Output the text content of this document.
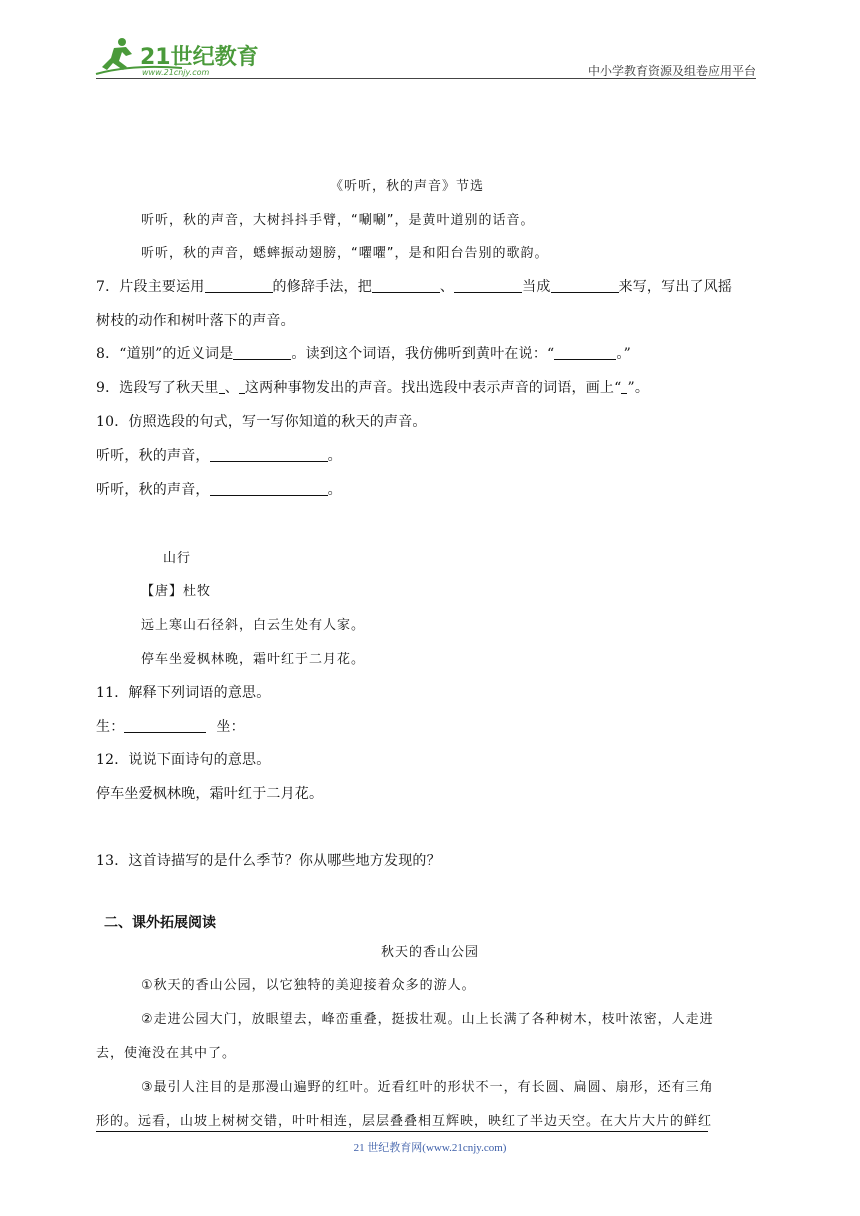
21世纪教育
www.21cnjy.com	中小学教育资源及组卷应用平台
《听听，秋的声音》节选
听听，秋的声音，大树抖抖手臂，“唰唰”，是黄叶道别的话音。
听听，秋的声音，蟋蟀振动翅膀，“㘗㘗”，是和阳台告别的歌韵。
7．片段主要运用	的修辞手法，把	、	当成	来写，写出了风摇
树枝的动作和树叶落下的声音。
8．“道别”的近义词是	。读到这个词语，我仿佛听到黄叶在说：“	。”
9．选段写了秋天里 、 这两种事物发出的声音。找出选段中表示声音的词语，画上“ ”。
10．仿照选段的句式，写一写你知道的秋天的声音。
听听，秋的声音，	。
听听，秋的声音，	。
山行
【唐】杜牧
远上寒山石径斜，白云生处有人家。
停车坐爱枫林晚，霜叶红于二月花。
11．解释下列词语的意思。
生：	坐：
12．说说下面诗句的意思。
停车坐爱枫林晚，霜叶红于二月花。
13．这首诗描写的是什么季节？你从哪些地方发现的？
二、课外拓展阅读
秋天的香山公园
①秋天的香山公园，以它独特的美迎接着众多的游人。
②走进公园大门，放眼望去，峰峦重叠，挺拔壮观。山上长满了各种树木，枝叶浓密，人走进
去，使淹没在其中了。
③最引人注目的是那漫山遍野的红叶。近看红叶的形状不一，有长圆、扁圆、扇形，还有三角
形的。远看，山坡上树树交错，叶叶相连，层层叠叠相互辉映，映红了半边天空。在大片大片的鲜红
21 世纪教育网(www.21cnjy.com)
